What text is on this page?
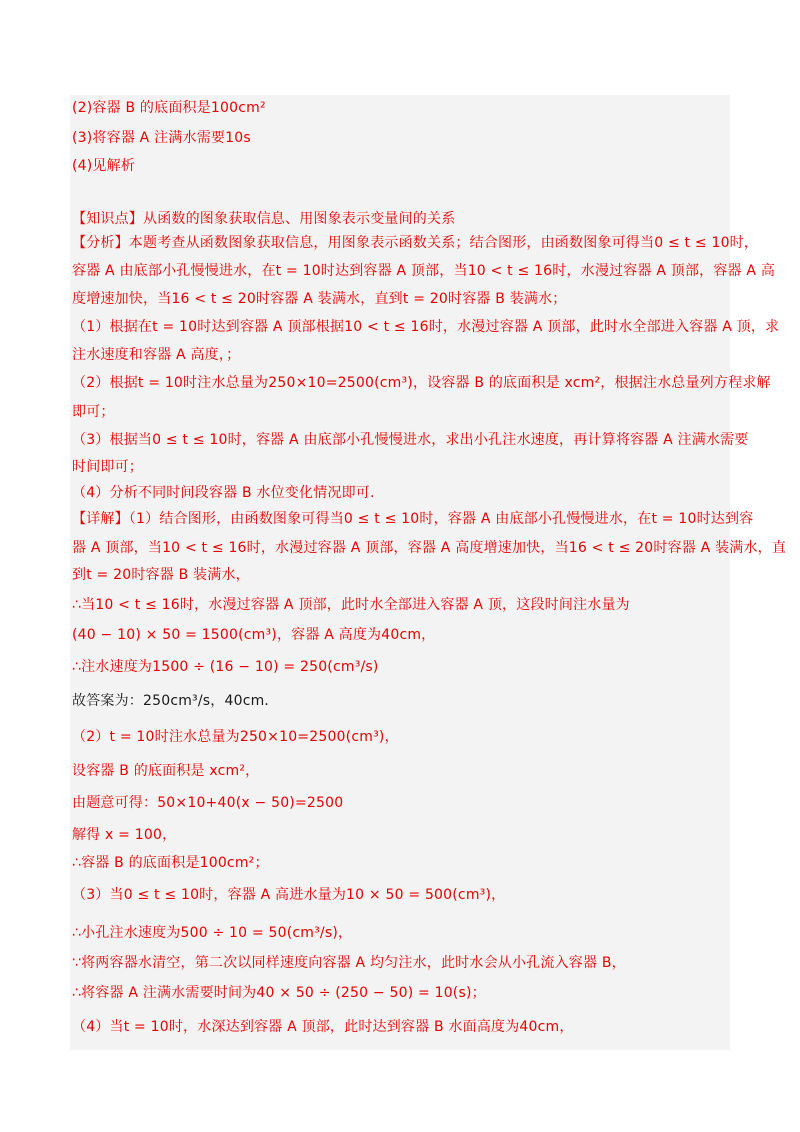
(2)容器 B 的底面积是100cm²
(3)将容器 A 注满水需要10s
(4)见解析
【知识点】从函数的图象获取信息、用图象表示变量间的关系
【分析】本题考查从函数图象获取信息，用图象表示函数关系；结合图形，由函数图象可得当0 ≤ t ≤ 10时，
容器 A 由底部小孔慢慢进水，在t = 10时达到容器 A 顶部，当10 < t ≤ 16时，水漫过容器 A 顶部，容器 A 高
度增速加快，当16 < t ≤ 20时容器 A 装满水，直到t = 20时容器 B 装满水；
（1）根据在t = 10时达到容器 A 顶部根据10 < t ≤ 16时，水漫过容器 A 顶部，此时水全部进入容器 A 顶，求
注水速度和容器 A 高度，；
（2）根据t = 10时注水总量为250×10=2500(cm³)，设容器 B 的底面积是 xcm²，根据注水总量列方程求解
即可；
（3）根据当0 ≤ t ≤ 10时，容器 A 由底部小孔慢慢进水，求出小孔注水速度，再计算将容器 A 注满水需要
时间即可；
（4）分析不同时间段容器 B 水位变化情况即可.
【详解】（1）结合图形，由函数图象可得当0 ≤ t ≤ 10时，容器 A 由底部小孔慢慢进水，在t = 10时达到容
器 A 顶部，当10 < t ≤ 16时，水漫过容器 A 顶部，容器 A 高度增速加快，当16 < t ≤ 20时容器 A 装满水，直
到t = 20时容器 B 装满水，
∴当10 < t ≤ 16时，水漫过容器 A 顶部，此时水全部进入容器 A 顶，这段时间注水量为
(40 − 10) × 50 = 1500(cm³)，容器 A 高度为40cm，
∴注水速度为1500 ÷ (16 − 10) = 250(cm³/s)
故答案为：250cm³/s，40cm．
（2）t = 10时注水总量为250×10=2500(cm³)，
设容器 B 的底面积是 xcm²，
由题意可得：50×10+40(x − 50)=2500
解得 x = 100，
∴容器 B 的底面积是100cm²；
（3）当0 ≤ t ≤ 10时，容器 A 高进水量为10 × 50 = 500(cm³)，
∴小孔注水速度为500 ÷ 10 = 50(cm³/s)，
∵将两容器水清空，第二次以同样速度向容器 A 均匀注水，此时水会从小孔流入容器 B，
∴将容器 A 注满水需要时间为40 × 50 ÷ (250 − 50) = 10(s)；
（4）当t = 10时，水深达到容器 A 顶部，此时达到容器 B 水面高度为40cm，
